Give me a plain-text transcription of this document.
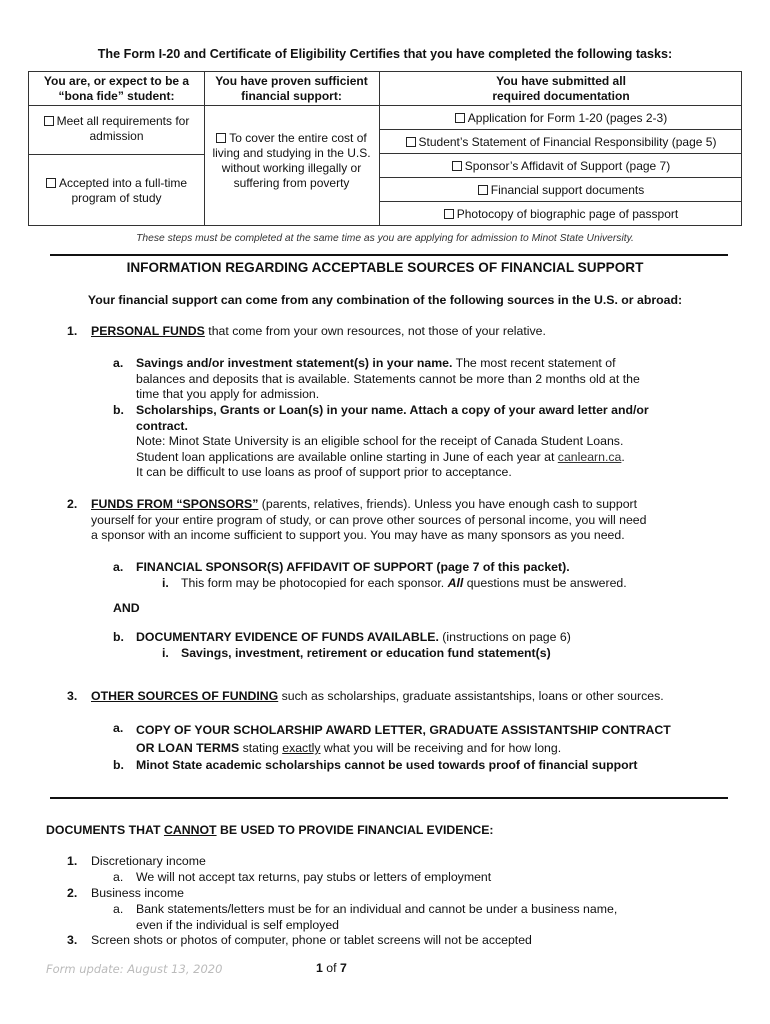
The Form I-20 and Certificate of Eligibility Certifies that you have completed the following tasks:
You are, or expect to be a “bona fide” student:
You have proven sufficient financial support:
You have submitted all
required documentation
Meet all requirements for admission
Accepted into a full-time program of study
To cover the entire cost of living and studying in the U.S. without working illegally or suffering from poverty
Application for Form 1-20 (pages 2-3)
Student’s Statement of Financial Responsibility (page 5)
Sponsor’s Affidavit of Support (page 7)
Financial support documents
Photocopy of biographic page of passport
These steps must be completed at the same time as you are applying for admission to Minot State University.
INFORMATION REGARDING ACCEPTABLE SOURCES OF FINANCIAL SUPPORT
Your financial support can come from any combination of the following sources in the U.S. or abroad:
1. PERSONAL FUNDS that come from your own resources, not those of your relative.
a. Savings and/or investment statement(s) in your name. The most recent statement of
balances and deposits that is available. Statements cannot be more than 2 months old at the
time that you apply for admission.
b. Scholarships, Grants or Loan(s) in your name. Attach a copy of your award letter and/or
contract.
Note: Minot State University is an eligible school for the receipt of Canada Student Loans.
Student loan applications are available online starting in June of each year at canlearn.ca.
It can be difficult to use loans as proof of support prior to acceptance.
2. FUNDS FROM “SPONSORS” (parents, relatives, friends). Unless you have enough cash to support
yourself for your entire program of study, or can prove other sources of personal income, you will need
a sponsor with an income sufficient to support you. You may have as many sponsors as you need.
a. FINANCIAL SPONSOR(S) AFFIDAVIT OF SUPPORT (page 7 of this packet).
i. This form may be photocopied for each sponsor. All questions must be answered.
AND
b. DOCUMENTARY EVIDENCE OF FUNDS AVAILABLE. (instructions on page 6)
i. Savings, investment, retirement or education fund statement(s)
3. OTHER SOURCES OF FUNDING such as scholarships, graduate assistantships, loans or other sources.
a. COPY OF YOUR SCHOLARSHIP AWARD LETTER, GRADUATE ASSISTANTSHIP CONTRACT
OR LOAN TERMS stating exactly what you will be receiving and for how long.
b. Minot State academic scholarships cannot be used towards proof of financial support
DOCUMENTS THAT CANNOT BE USED TO PROVIDE FINANCIAL EVIDENCE:
1. Discretionary income
a. We will not accept tax returns, pay stubs or letters of employment
2. Business income
a. Bank statements/letters must be for an individual and cannot be under a business name,
even if the individual is self employed
3. Screen shots or photos of computer, phone or tablet screens will not be accepted
Form update: August 13, 2020	1 of 7
